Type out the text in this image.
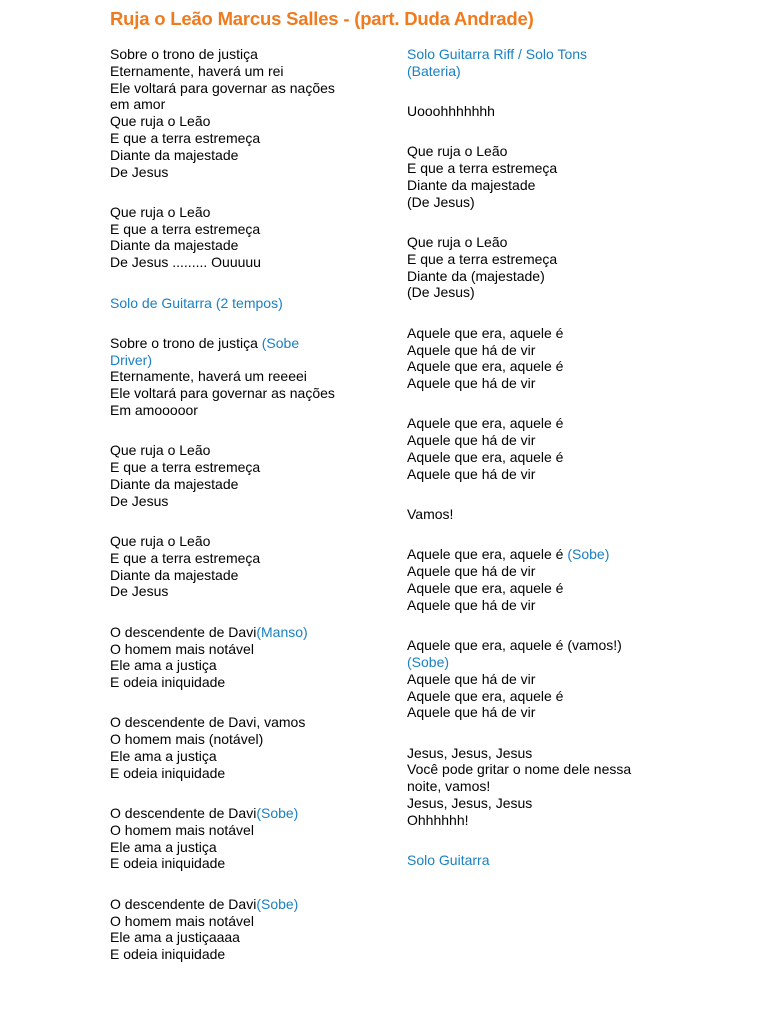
Ruja o Leão Marcus Salles - (part. Duda Andrade)
Sobre o trono de justiça
Eternamente, haverá um rei
Ele voltará para governar as nações
em amor
Que ruja o Leão
E que a terra estremeça
Diante da majestade
De Jesus
Que ruja o Leão
E que a terra estremeça
Diante da majestade
De Jesus ......... Ouuuuu
Solo de Guitarra (2 tempos)
Sobre o trono de justiça (Sobe
Driver)
Eternamente, haverá um reeeei
Ele voltará para governar as nações
Em amooooor
Que ruja o Leão
E que a terra estremeça
Diante da majestade
De Jesus
Que ruja o Leão
E que a terra estremeça
Diante da majestade
De Jesus
O descendente de Davi(Manso)
O homem mais notável
Ele ama a justiça
E odeia iniquidade
O descendente de Davi, vamos
O homem mais (notável)
Ele ama a justiça
E odeia iniquidade
O descendente de Davi(Sobe)
O homem mais notável
Ele ama a justiça
E odeia iniquidade
O descendente de Davi(Sobe)
O homem mais notável
Ele ama a justiçaaaa
E odeia iniquidade
Solo Guitarra Riff / Solo Tons
(Bateria)
Uooohhhhhhh
Que ruja o Leão
E que a terra estremeça
Diante da majestade
(De Jesus)
Que ruja o Leão
E que a terra estremeça
Diante da (majestade)
(De Jesus)
Aquele que era, aquele é
Aquele que há de vir
Aquele que era, aquele é
Aquele que há de vir
Aquele que era, aquele é
Aquele que há de vir
Aquele que era, aquele é
Aquele que há de vir
Vamos!
Aquele que era, aquele é (Sobe)
Aquele que há de vir
Aquele que era, aquele é
Aquele que há de vir
Aquele que era, aquele é (vamos!)
(Sobe)
Aquele que há de vir
Aquele que era, aquele é
Aquele que há de vir
Jesus, Jesus, Jesus
Você pode gritar o nome dele nessa
noite, vamos!
Jesus, Jesus, Jesus
Ohhhhhh!
Solo Guitarra
